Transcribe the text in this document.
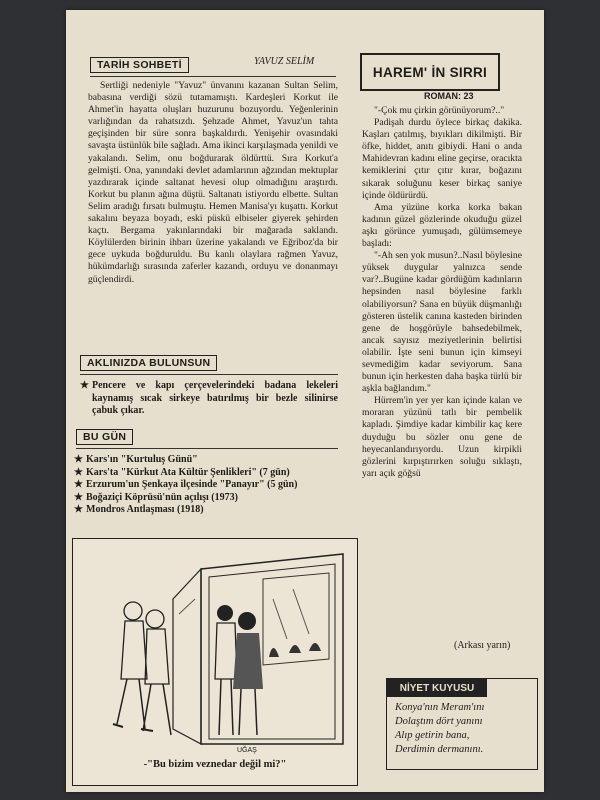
TARİH SOHBETİ	YAVUZ SELİM

Sertliği nedeniyle "Yavuz" ünvanını kazanan Sultan Selim, babasına verdiği sözü tutamamıştı. Kardeşleri Korkut ile Ahmet'in hayatta oluşları huzurunu bozuyordu. Yeğenlerinin varlığından da rahatsızdı. Şehzade Ahmet, Yavuz'un tahta geçişinden bir süre sonra başkaldırdı. Yenişehir ovasındaki savaşta üstünlük bile sağladı. Ama ikinci karşılaşmada yenildi ve yakalandı. Selim, onu boğdurarak öldürttü. Sıra Korkut'a gelmişti. Ona, yanındaki devlet adamlarının ağzından mektuplar yazdırarak içinde saltanat hevesi olup olmadığını araştırdı. Korkut bu planın ağına düştü. Saltanatı istiyordu elbette. Sultan Selim aradığı fırsatı bulmuştu. Hemen Manisa'yı kuşattı. Korkut sakalını beyaza boyadı, eski püskü elbiseler giyerek şehirden kaçtı. Bergama yakınlarındaki bir mağarada saklandı. Köylülerden birinin ihbarı üzerine yakalandı ve Eğriboz'da bir gece uykuda boğduruldu. Bu kanlı olaylara rağmen Yavuz, hükümdarlığı sırasında zaferler kazandı, orduyu ve donanmayı güçlendirdi.

AKLINIZDA BULUNSUN
★ Pencere ve kapı çerçevelerindeki badana lekeleri kaynamış sıcak sirkeye batırılmış bir bezle silinirse çabuk çıkar.
BU GÜN
★ Kars'ın "Kurtuluş Günü"
★ Kars'ta "Kürkut Ata Kültür Şenlikleri" (7 gün)
★ Erzurum'un Şenkaya ilçesinde "Panayır" (5 gün)
★ Boğaziçi Köprüsü'nün açılışı (1973)
★ Mondros Antlaşması (1918)
UĞAŞ
-"Bu bizim veznedar değil mi?"
HAREM' İN SIRRI
ROMAN: 23

"-Çok mu çirkin görünüyorum?.."

Padişah durdu öylece birkaç dakika. Kaşları çatılmış, bıyıkları dikilmişti. Bir öfke, hiddet, anıtı gibiydi. Hani o anda Mahidevran kadını eline geçirse, oracıkta kemiklerini çıtır çıtır kırar, boğazını sıkarak soluğunu keser birkaç saniye içinde öldürürdü.

Ama yüzüne korka korka bakan kadının güzel gözlerinde okuduğu güzel aşkı görünce yumuşadı, gülümsemeye başladı:

"-Ah sen yok musun?..Nasıl böylesine yüksek duygular yalnızca sende var?..Bugüne kadar gördüğüm kadınların hepsinden nasıl böylesine farklı olabiliyorsun? Sana en büyük düşmanlığı gösteren üstelik canına kasteden birinden gene de hoşgörüyle bahsedebilmek, ancak sayısız meziyetlerinin belirtisi olabilir. İşte seni bunun için kimseyi sevmediğim kadar seviyorum. Sana bunun için herkesten daha başka türlü bir aşkla bağlandım."

Hürrem'in yer yer kan içinde kalan ve moraran yüzünü tatlı bir pembelik kapladı. Şimdiye kadar kimbilir kaç kere duyduğu bu sözler onu gene de heyecanlandırıyordu. Uzun kirpikli gözlerini kırpıştırırken soluğu sıklaştı, yarı açık göğsü

(Arkası yarın)
NİYET KUYUSU
Konya'nın Meram'ını
Dolaştım dört yanını
Alıp getirin bana,
Derdimin dermanını.
